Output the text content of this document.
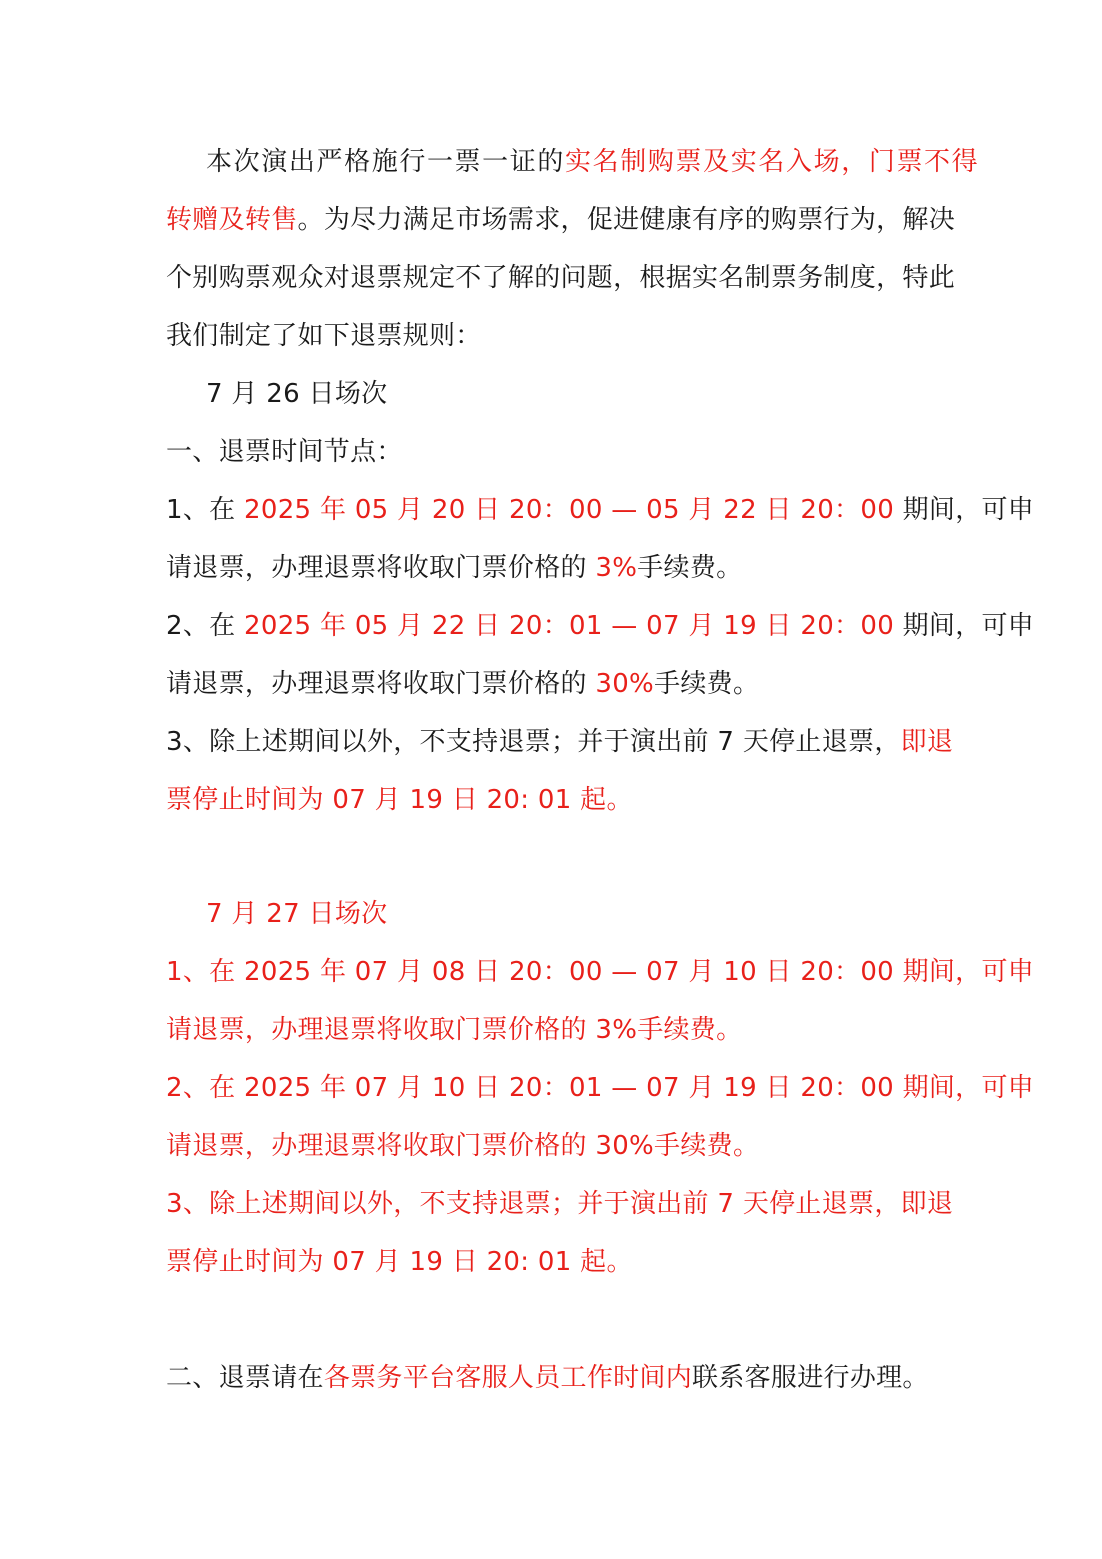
本次演出严格施行一票一证的实名制购票及实名入场，门票不得
转赠及转售。为尽力满足市场需求，促进健康有序的购票行为，解决
个别购票观众对退票规定不了解的问题，根据实名制票务制度，特此
我们制定了如下退票规则：
7 月 26 日场次
一、退票时间节点：
1、在 2025 年 05 月 20 日 20：00 — 05 月 22 日 20：00 期间，可申
请退票，办理退票将收取门票价格的 3%手续费。
2、在 2025 年 05 月 22 日 20：01 — 07 月 19 日 20：00 期间，可申
请退票，办理退票将收取门票价格的 30%手续费。
3、除上述期间以外，不支持退票；并于演出前 7 天停止退票，即退
票停止时间为 07 月 19 日 20: 01 起。
7 月 27 日场次
1、在 2025 年 07 月 08 日 20：00 — 07 月 10 日 20：00 期间，可申
请退票，办理退票将收取门票价格的 3%手续费。
2、在 2025 年 07 月 10 日 20：01 — 07 月 19 日 20：00 期间，可申
请退票，办理退票将收取门票价格的 30%手续费。
3、除上述期间以外，不支持退票；并于演出前 7 天停止退票，即退
票停止时间为 07 月 19 日 20: 01 起。
二、退票请在各票务平台客服人员工作时间内联系客服进行办理。
